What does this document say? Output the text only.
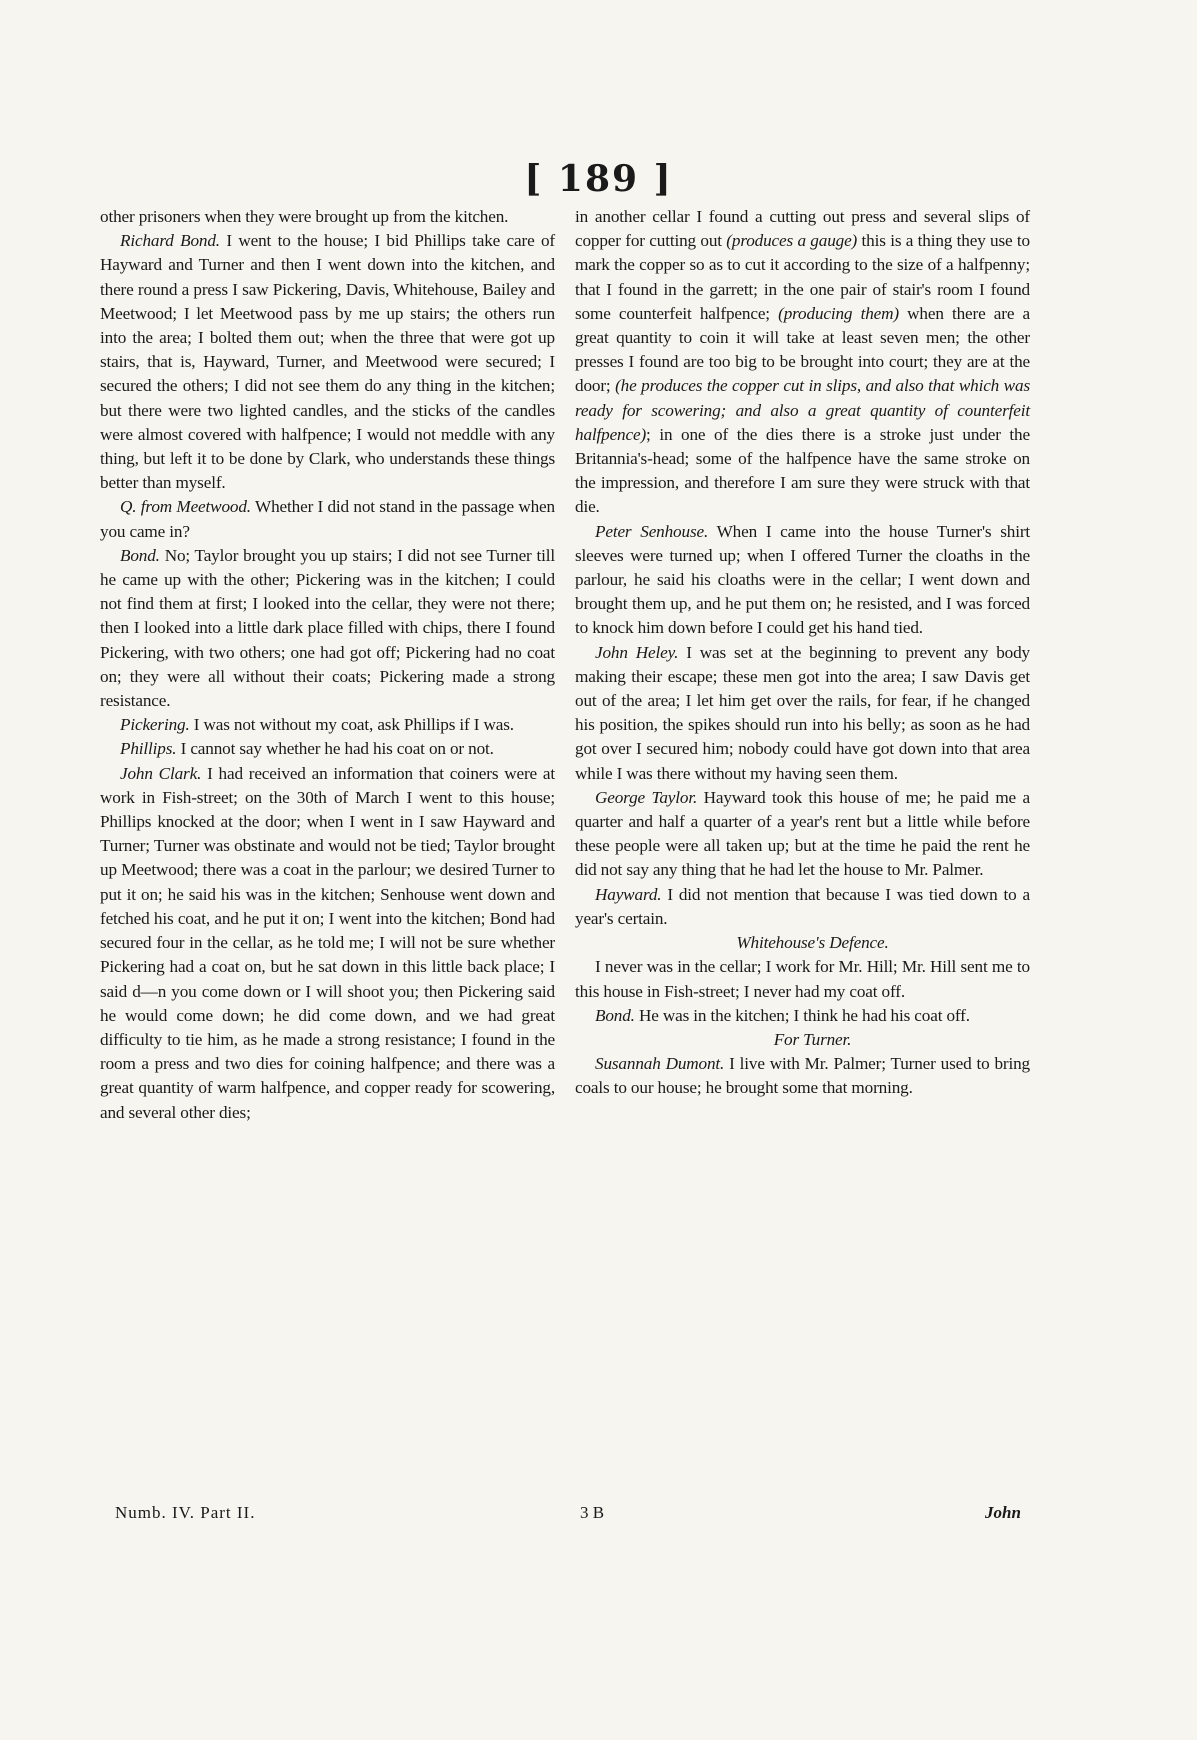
[ 189 ]

other prisoners when they were brought up from the kitchen.

Richard Bond. I went to the house; I bid Phillips take care of Hayward and Turner and then I went down into the kitchen, and there round a press I saw Pickering, Davis, Whitehouse, Bailey and Meetwood; I let Meetwood pass by me up stairs; the others run into the area; I bolted them out; when the three that were got up stairs, that is, Hayward, Turner, and Meetwood were secured; I secured the others; I did not see them do any thing in the kitchen; but there were two lighted candles, and the sticks of the candles were almost covered with halfpence; I would not meddle with any thing, but left it to be done by Clark, who understands these things better than myself.

Q. from Meetwood. Whether I did not stand in the passage when you came in?

Bond. No; Taylor brought you up stairs; I did not see Turner till he came up with the other; Pickering was in the kitchen; I could not find them at first; I looked into the cellar, they were not there; then I looked into a little dark place filled with chips, there I found Pickering, with two others; one had got off; Pickering had no coat on; they were all without their coats; Pickering made a strong resistance.

Pickering. I was not without my coat, ask Phillips if I was.

Phillips. I cannot say whether he had his coat on or not.

John Clark. I had received an information that coiners were at work in Fish-street; on the 30th of March I went to this house; Phillips knocked at the door; when I went in I saw Hayward and Turner; Turner was obstinate and would not be tied; Taylor brought up Meetwood; there was a coat in the parlour; we desired Turner to put it on; he said his was in the kitchen; Senhouse went down and fetched his coat, and he put it on; I went into the kitchen; Bond had secured four in the cellar, as he told me; I will not be sure whether Pickering had a coat on, but he sat down in this little back place; I said d—n you come down or I will shoot you; then Pickering said he would come down; he did come down, and we had great difficulty to tie him, as he made a strong resistance; I found in the room a press and two dies for coining halfpence; and there was a great quantity of warm halfpence, and copper ready for scowering, and several other dies;

in another cellar I found a cutting out press and several slips of copper for cutting out (produces a gauge) this is a thing they use to mark the copper so as to cut it according to the size of a halfpenny; that I found in the garrett; in the one pair of stair's room I found some counterfeit halfpence; (producing them) when there are a great quantity to coin it will take at least seven men; the other presses I found are too big to be brought into court; they are at the door; (he produces the copper cut in slips, and also that which was ready for scowering; and also a great quantity of counterfeit halfpence); in one of the dies there is a stroke just under the Britannia's-head; some of the halfpence have the same stroke on the impression, and therefore I am sure they were struck with that die.

Peter Senhouse. When I came into the house Turner's shirt sleeves were turned up; when I offered Turner the cloaths in the parlour, he said his cloaths were in the cellar; I went down and brought them up, and he put them on; he resisted, and I was forced to knock him down before I could get his hand tied.

John Heley. I was set at the beginning to prevent any body making their escape; these men got into the area; I saw Davis get out of the area; I let him get over the rails, for fear, if he changed his position, the spikes should run into his belly; as soon as he had got over I secured him; nobody could have got down into that area while I was there without my having seen them.

George Taylor. Hayward took this house of me; he paid me a quarter and half a quarter of a year's rent but a little while before these people were all taken up; but at the time he paid the rent he did not say any thing that he had let the house to Mr. Palmer.

Hayward. I did not mention that because I was tied down to a year's certain.

Whitehouse's Defence.

I never was in the cellar; I work for Mr. Hill; Mr. Hill sent me to this house in Fish-street; I never had my coat off.

Bond. He was in the kitchen; I think he had his coat off.

For Turner.

Susannah Dumont. I live with Mr. Palmer; Turner used to bring coals to our house; he brought some that morning.

Numb. IV. Part II.	3 B	John
